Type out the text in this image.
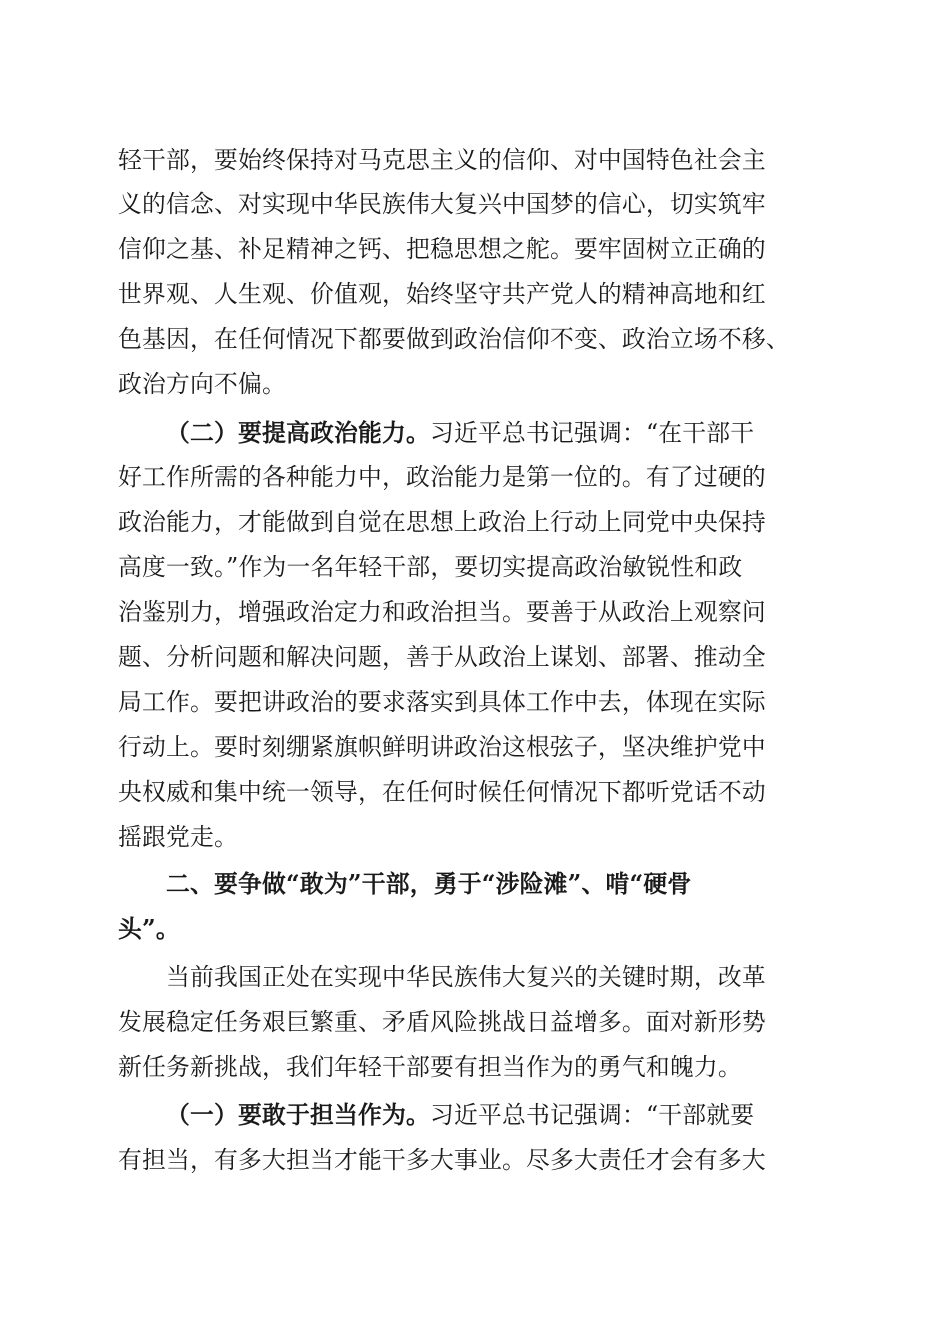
轻干部，要始终保持对马克思主义的信仰、对中国特色社会主
义的信念、对实现中华民族伟大复兴中国梦的信心，切实筑牢
信仰之基、补足精神之钙、把稳思想之舵。要牢固树立正确的
世界观、人生观、价值观，始终坚守共产党人的精神高地和红
色基因，在任何情况下都要做到政治信仰不变、政治立场不移、
政治方向不偏。
（二）要提高政治能力。习近平总书记强调：“在干部干
好工作所需的各种能力中，政治能力是第一位的。有了过硬的
政治能力，才能做到自觉在思想上政治上行动上同党中央保持
高度一致。”作为一名年轻干部，要切实提高政治敏锐性和政
治鉴别力，增强政治定力和政治担当。要善于从政治上观察问
题、分析问题和解决问题，善于从政治上谋划、部署、推动全
局工作。要把讲政治的要求落实到具体工作中去，体现在实际
行动上。要时刻绷紧旗帜鲜明讲政治这根弦子，坚决维护党中
央权威和集中统一领导，在任何时候任何情况下都听党话不动
摇跟党走。
二、要争做“敢为”干部，勇于“涉险滩”、啃“硬骨
头”。
当前我国正处在实现中华民族伟大复兴的关键时期，改革
发展稳定任务艰巨繁重、矛盾风险挑战日益增多。面对新形势
新任务新挑战，我们年轻干部要有担当作为的勇气和魄力。
（一）要敢于担当作为。习近平总书记强调：“干部就要
有担当，有多大担当才能干多大事业。尽多大责任才会有多大
